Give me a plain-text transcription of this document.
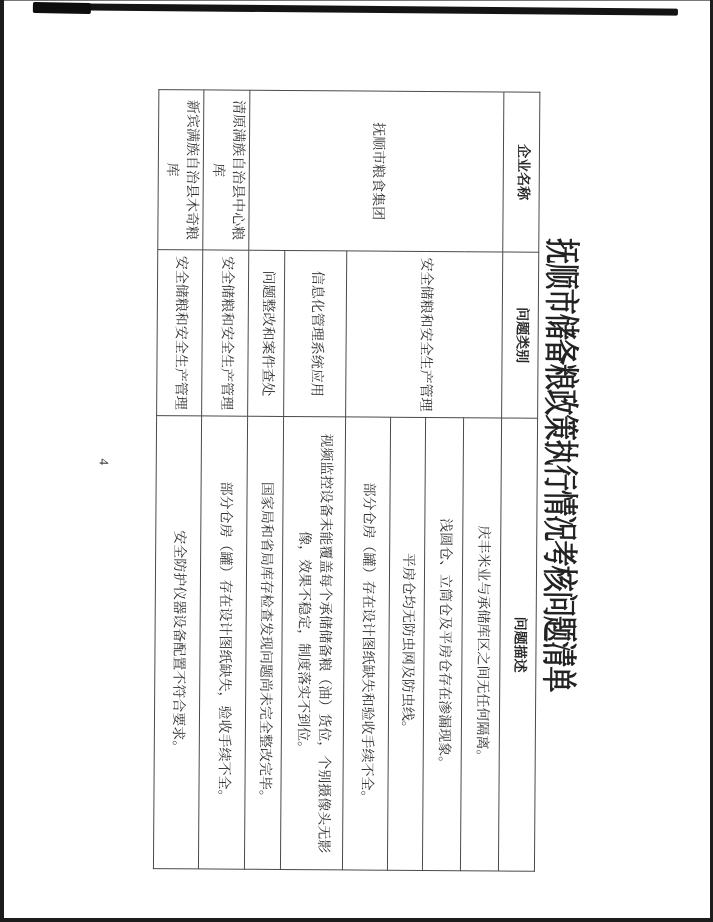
抚顺市储备粮政策执行情况考核问题清单
企业名称	问题类别	问题描述
抚顺市粮食集团	安全储粮和安全生产管理	庆丰米业与承储库区之间无任何隔离。
		浅圆仓、立筒仓及平房仓存在渗漏现象。
		平房仓均无防虫网及防虫线。
		部分仓房（罐）存在设计图纸缺失和验收手续不全。
	信息化管理系统应用	视频监控设备未能覆盖每个承储储备粮（油）货位，个别摄像头无影像，效果不稳定，制度落实不到位。
	问题整改和案件查处	国家局和省局库存检查发现问题尚未完全整改完毕。
清原满族自治县中心粮库	安全储粮和安全生产管理	部分仓房（罐）存在设计图纸缺失，验收手续不全。
新宾满族自治县木奇粮库	安全储粮和安全生产管理	安全防护仪器设备配置不符合要求。
4
